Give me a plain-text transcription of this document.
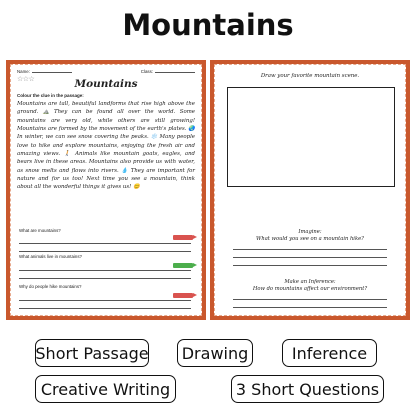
Mountains
Name:	Class:
☆☆☆	Mountains
Colour the clue in the passage:
Mountains are tall, beautiful landforms that rise high above the ground. ⛰️ They can be found all over the world. Some mountains are very old, while others are still growing! Mountains are formed by the movement of the earth's plates. 🌏 In winter, we can see snow covering the peaks. ❄️ Many people love to hike and explore mountains, enjoying the fresh air and amazing views. 🚶 Animals like mountain goats, eagles, and bears live in these areas. Mountains also provide us with water, as snow melts and flows into rivers. 💧 They are important for nature and for us too! Next time you see a mountain, think about all the wonderful things it gives us! 😊
What are mountains?
What animals live in mountains?
Why do people hike mountains?
Draw your favorite mountain scene.
Imagine:
What would you see on a mountain hike?
Make an Inference:
How do mountains affect our environment?
Short Passage Drawing	Inference
Creative Writing	3 Short Questions
